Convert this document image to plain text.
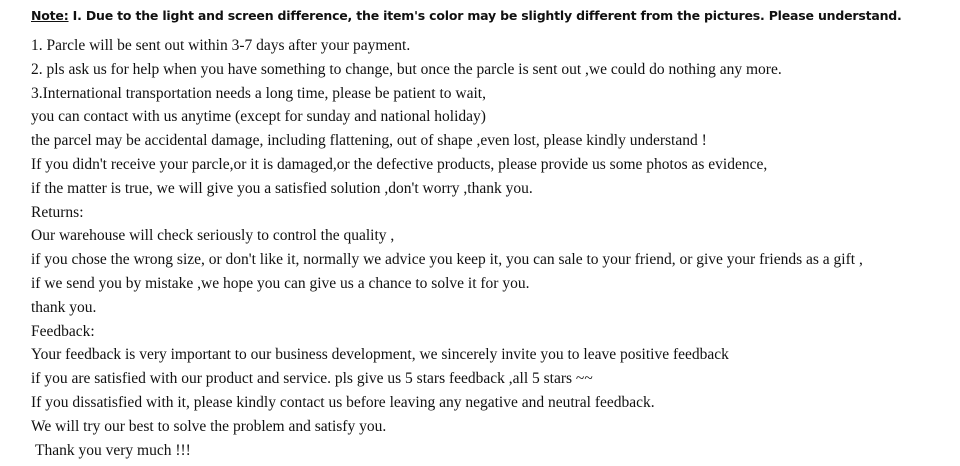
Note: I. Due to the light and screen difference, the item's color may be slightly different from the pictures. Please understand.
1. Parcle will be sent out within 3-7 days after your payment.
2. pls ask us for help when you have something to change, but once the parcle is sent out ,we could do nothing any more.
3.International transportation needs a long time, please be patient to wait,
you can contact with us anytime (except for sunday and national holiday)
the parcel may be accidental damage, including flattening, out of shape ,even lost, please kindly understand !
If you didn't receive your parcle,or it is damaged,or the defective products, please provide us some photos as evidence,
if the matter is true, we will give you a satisfied solution ,don't worry ,thank you.
Returns:
Our warehouse will check seriously to control the quality ,
if you chose the wrong size, or don't like it, normally we advice you keep it, you can sale to your friend, or give your friends as a gift ,
if we send you by mistake ,we hope you can give us a chance to solve it for you.
thank you.
Feedback:
Your feedback is very important to our business development, we sincerely invite you to leave positive feedback
if you are satisfied with our product and service. pls give us 5 stars feedback ,all 5 stars ~~
If you dissatisfied with it, please kindly contact us before leaving any negative and neutral feedback.
We will try our best to solve the problem and satisfy you.
Thank you very much !!!
